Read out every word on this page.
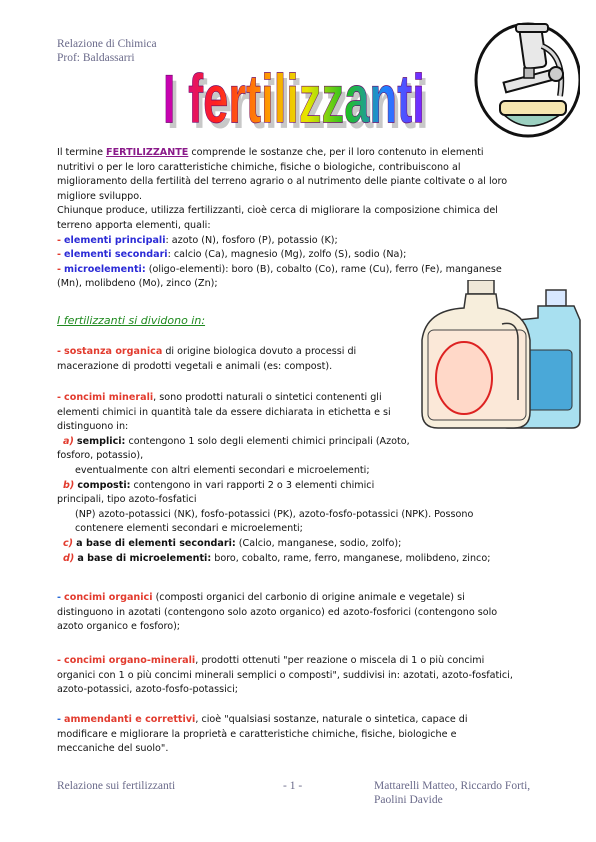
Relazione di Chimica
Prof: Baldassarri
I fertilizzanti
I fertilizzanti

Il termine FERTILIZZANTE comprende le sostanze che, per il loro contenuto in elementi

nutritivi o per le loro caratteristiche chimiche, fisiche o biologiche, contribuiscono al

miglioramento della fertilità del terreno agrario o al nutrimento delle piante coltivate o al loro

migliore sviluppo.

Chiunque produce, utilizza fertilizzanti, cioè cerca di migliorare la composizione chimica del

terreno apporta elementi, quali:

- elementi principali: azoto (N), fosforo (P), potassio (K);

- elementi secondari: calcio (Ca), magnesio (Mg), zolfo (S), sodio (Na);

- microelementi: (oligo-elementi): boro (B), cobalto (Co), rame (Cu), ferro (Fe), manganese

(Mn), molibdeno (Mo), zinco (Zn);

I fertilizzanti si dividono in:

- sostanza organica di origine biologica dovuto a processi di

macerazione di prodotti vegetali e animali (es: compost).

- concimi minerali, sono prodotti naturali o sintetici contenenti gli

elementi chimici in quantità tale da essere dichiarata in etichetta e si

distinguono in:

a) semplici: contengono 1 solo degli elementi chimici principali (Azoto,

fosforo, potassio),

eventualmente con altri elementi secondari e microelementi;

b) composti: contengono in vari rapporti 2 o 3 elementi chimici

principali, tipo azoto-fosfatici

(NP) azoto-potassici (NK), fosfo-potassici (PK), azoto-fosfo-potassici (NPK). Possono

contenere elementi secondari e microelementi;

c) a base di elementi secondari: (Calcio, manganese, sodio, zolfo);

d) a base di microelementi: boro, cobalto, rame, ferro, manganese, molibdeno, zinco;

- concimi organici (composti organici del carbonio di origine animale e vegetale) si

distinguono in azotati (contengono solo azoto organico) ed azoto-fosforici (contengono solo

azoto organico e fosforo);

- concimi organo-minerali, prodotti ottenuti "per reazione o miscela di 1 o più concimi

organici con 1 o più concimi minerali semplici o composti", suddivisi in: azotati, azoto-fosfatici,

azoto-potassici, azoto-fosfo-potassici;

- ammendanti e correttivi, cioè "qualsiasi sostanze, naturale o sintetica, capace di

modificare e migliorare la proprietà e caratteristiche chimiche, fisiche, biologiche e

meccaniche del suolo".

Relazione sui fertilizzanti	- 1 -	Mattarelli Matteo, Riccardo Forti,
Paolini Davide
